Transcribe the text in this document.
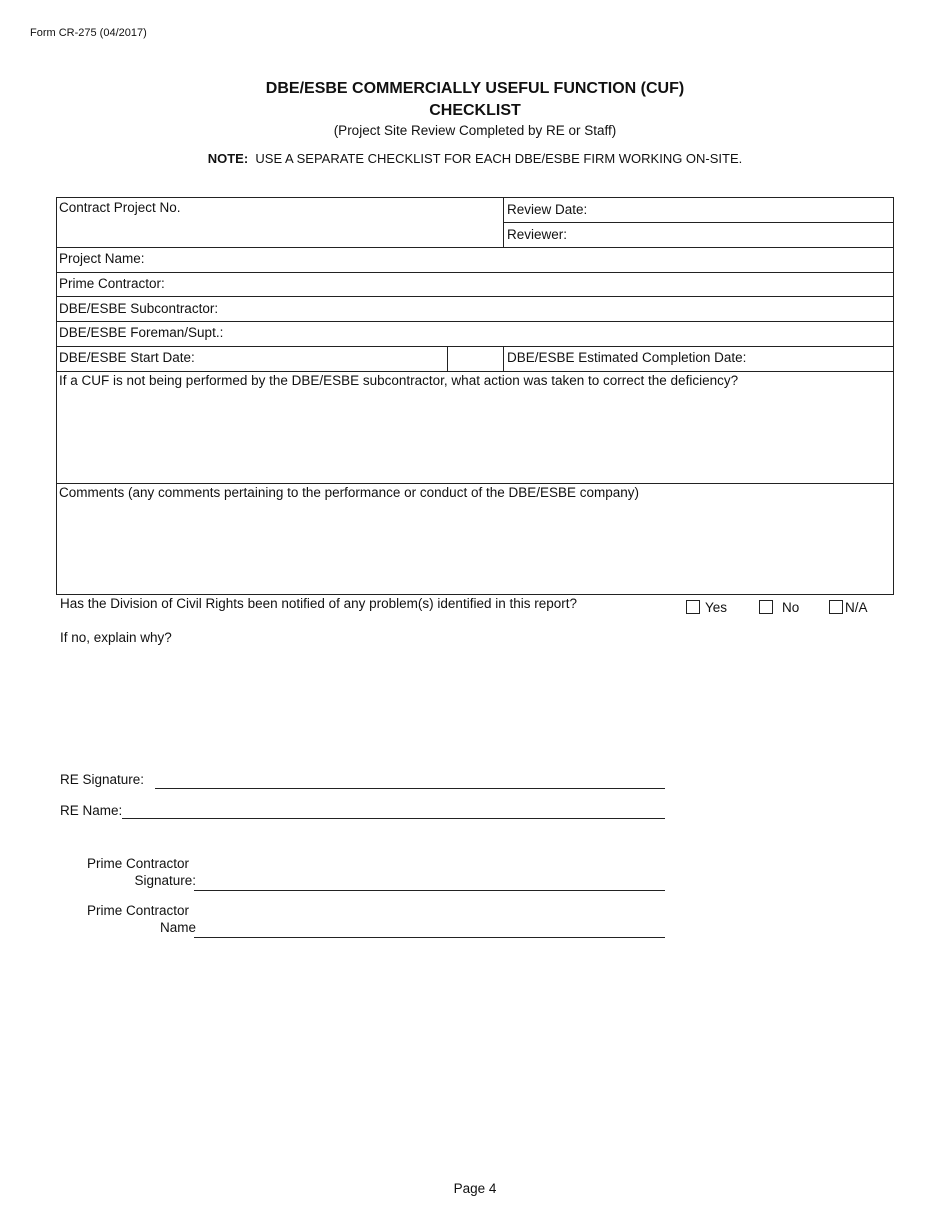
Form CR-275 (04/2017)
DBE/ESBE COMMERCIALLY USEFUL FUNCTION (CUF)
CHECKLIST
(Project Site Review Completed by RE or Staff)
NOTE: USE A SEPARATE CHECKLIST FOR EACH DBE/ESBE FIRM WORKING ON-SITE.
Contract Project No.	Review Date:
Reviewer:
Project Name:
Prime Contractor:
DBE/ESBE Subcontractor:
DBE/ESBE Foreman/Supt.:
DBE/ESBE Start Date:	DBE/ESBE Estimated Completion Date:
If a CUF is not being performed by the DBE/ESBE subcontractor, what action was taken to correct the deficiency?
Comments (any comments pertaining to the performance or conduct of the DBE/ESBE company)
Has the Division of Civil Rights been notified of any problem(s) identified in this report?	Yes	No	N/A
If no, explain why?
RE Signature:
RE Name:
Prime Contractor
Signature:
Prime Contractor
Name
Page 4
